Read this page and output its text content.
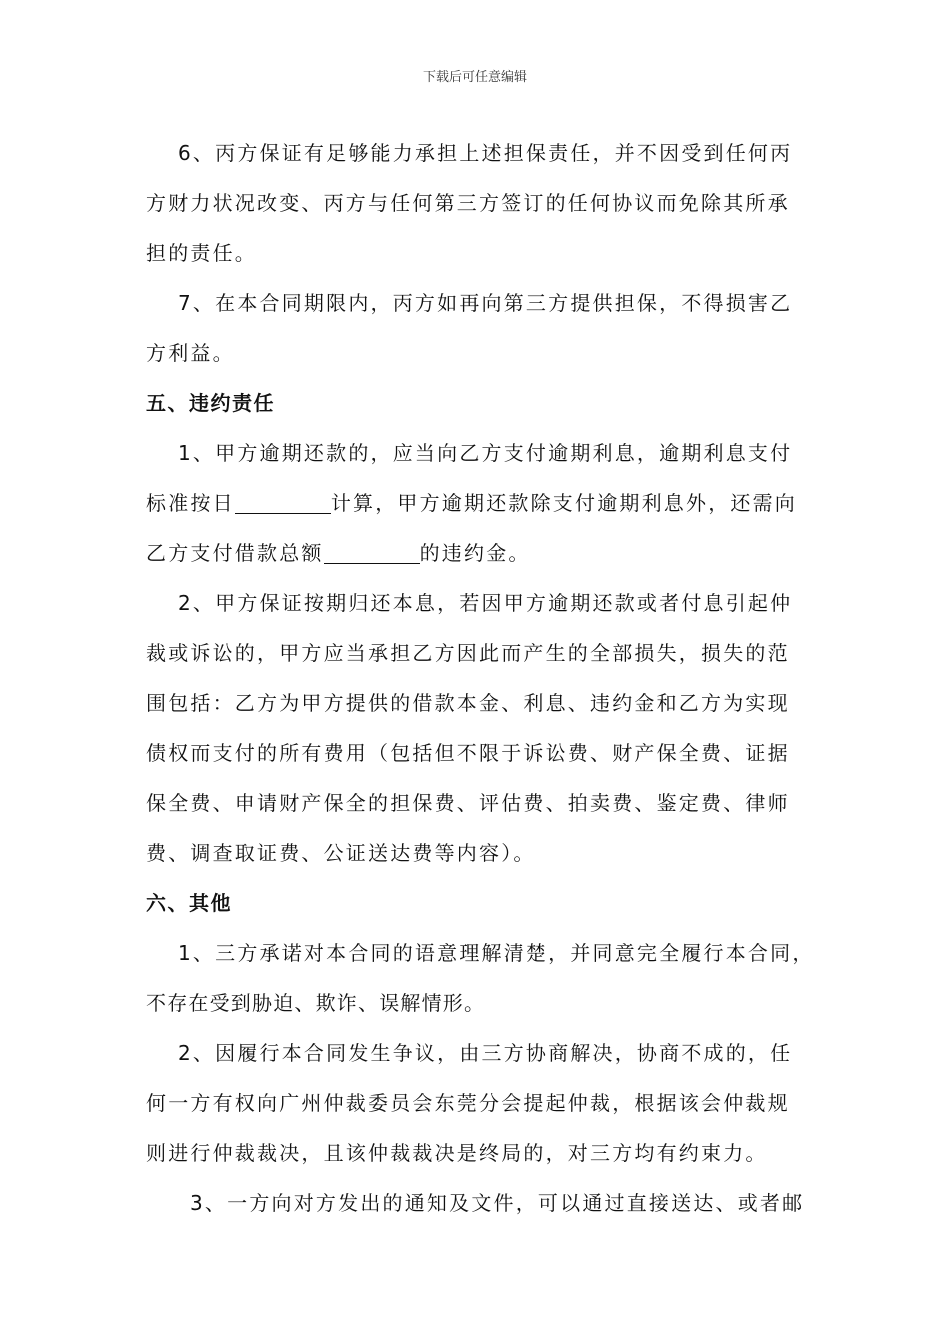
下载后可任意编辑
6、丙方保证有足够能力承担上述担保责任，并不因受到任何丙
方财力状况改变、丙方与任何第三方签订的任何协议而免除其所承
担的责任。
7、在本合同期限内，丙方如再向第三方提供担保，不得损害乙
方利益。
五、违约责任
1、甲方逾期还款的，应当向乙方支付逾期利息，逾期利息支付
标准按日	计算，甲方逾期还款除支付逾期利息外，还需向
乙方支付借款总额	的违约金。
2、甲方保证按期归还本息，若因甲方逾期还款或者付息引起仲
裁或诉讼的，甲方应当承担乙方因此而产生的全部损失，损失的范
围包括：乙方为甲方提供的借款本金、利息、违约金和乙方为实现
债权而支付的所有费用（包括但不限于诉讼费、财产保全费、证据
保全费、申请财产保全的担保费、评估费、拍卖费、鉴定费、律师
费、调查取证费、公证送达费等内容）。
六、其他
1、三方承诺对本合同的语意理解清楚，并同意完全履行本合同，
不存在受到胁迫、欺诈、误解情形。
2、因履行本合同发生争议，由三方协商解决，协商不成的，任
何一方有权向广州仲裁委员会东莞分会提起仲裁，根据该会仲裁规
则进行仲裁裁决，且该仲裁裁决是终局的，对三方均有约束力。
3、一方向对方发出的通知及文件，可以通过直接送达、或者邮
